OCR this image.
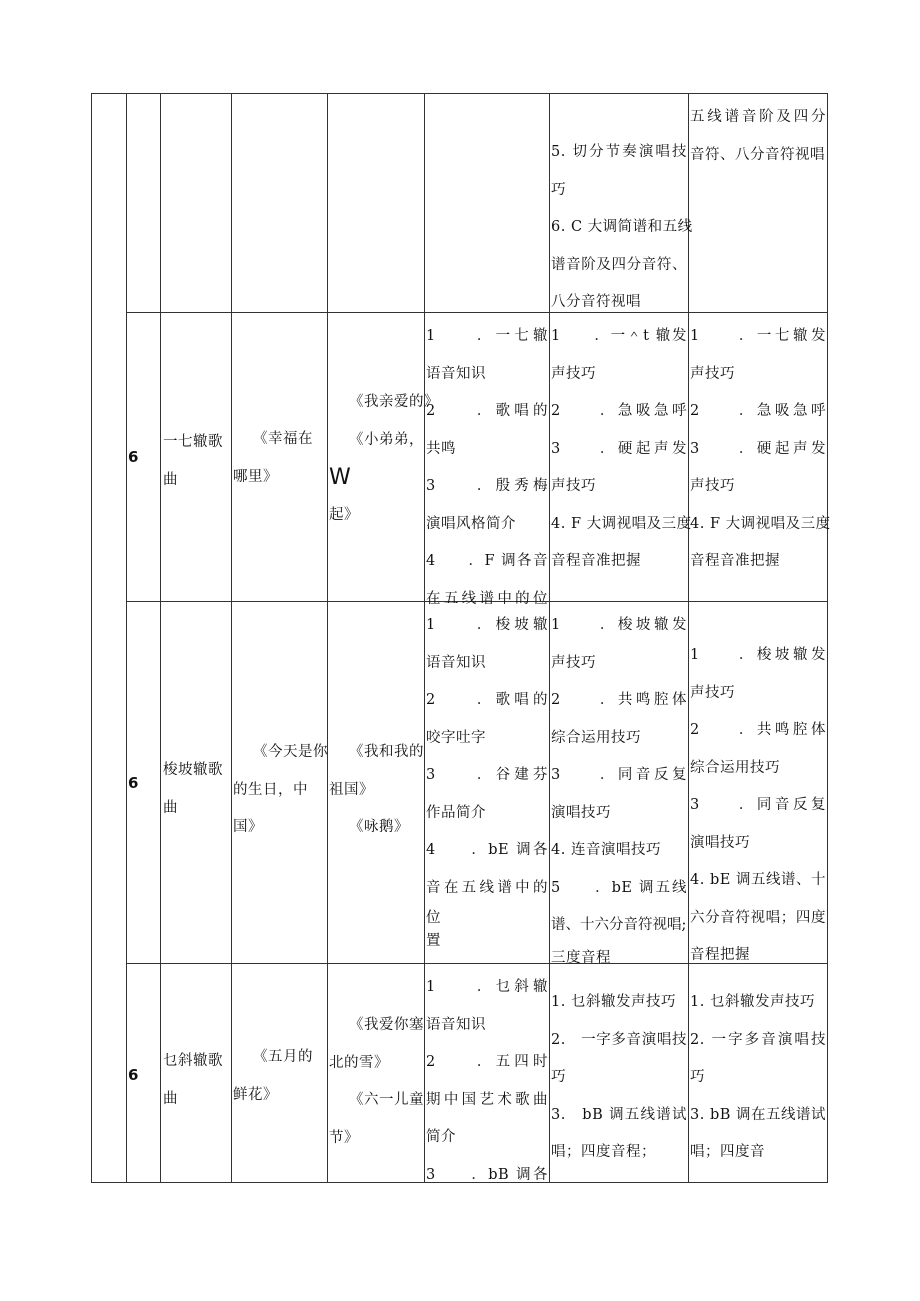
5. 切分节奏演唱技
巧
6. C 大调简谱和五线
谱音阶及四分音符、
八分音符视唱
五线谱音阶及四分
音符、八分音符视唱
6
一七辙歌
曲
《幸福在
哪里》
《我亲爱的》
《小弟弟，
W
起》
1　　．一七辙
语音知识
2　　．歌唱的
共鸣
3　　．殷秀梅
演唱风格简介
4　　．F 调各音
在五线谱中的位
1　　．一＾t 辙发
声技巧
2　　．急吸急呼
3　　．硬起声发
声技巧
4. F 大调视唱及三度
音程音准把握
1　　．一七辙发
声技巧
2　　．急吸急呼
3　　．硬起声发
声技巧
4. F 大调视唱及三度
音程音准把握
6
梭坡辙歌
曲
《今天是你
的生日，中
国》
《我和我的
祖国》
《咏鹅》
1　　．梭坡辙
语音知识
2　　．歌唱的
咬字吐字
3　　．谷建芬
作品简介
4　　．bE 调各
音在五线谱中的
位
置
1　　．梭坡辙发
声技巧
2　　．共鸣腔体
综合运用技巧
3　　．同音反复
演唱技巧
4. 连音演唱技巧
5　　．bE 调五线
谱、十六分音符视唱;
三度音程
1　　．梭坡辙发
声技巧
2　　．共鸣腔体
综合运用技巧
3　　．同音反复
演唱技巧
4. bE 调五线谱、十
六分音符视唱；四度
音程把握
6
乜斜辙歌
曲
《五月的
鲜花》
《我爱你塞
北的雪》
《六一儿童
节》
1　　．乜斜辙
语音知识
2　　．五四时
期中国艺术歌曲
简介
3　　．bB 调各
1. 乜斜辙发声技巧
2.　一字多音演唱技
巧
3.　bB 调五线谱试
唱；四度音程；
1. 乜斜辙发声技巧
2. 一字多音演唱技
巧
3. bB 调在五线谱试
唱；四度音
